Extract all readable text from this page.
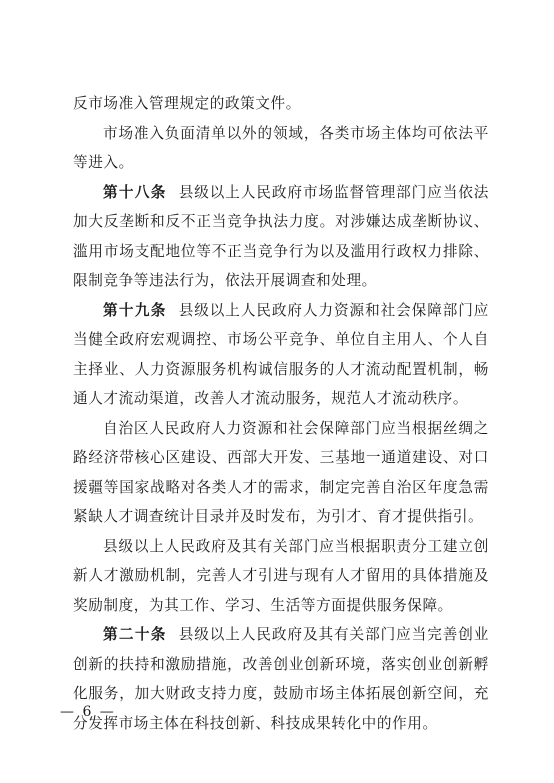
反市场准入管理规定的政策文件。

市场准入负面清单以外的领域，各类市场主体均可依法平等进入。

第十八条 县级以上人民政府市场监督管理部门应当依法加大反垄断和反不正当竞争执法力度。对涉嫌达成垄断协议、滥用市场支配地位等不正当竞争行为以及滥用行政权力排除、限制竞争等违法行为，依法开展调查和处理。

第十九条 县级以上人民政府人力资源和社会保障部门应当健全政府宏观调控、市场公平竞争、单位自主用人、个人自主择业、人力资源服务机构诚信服务的人才流动配置机制，畅通人才流动渠道，改善人才流动服务，规范人才流动秩序。

自治区人民政府人力资源和社会保障部门应当根据丝绸之路经济带核心区建设、西部大开发、三基地一通道建设、对口援疆等国家战略对各类人才的需求，制定完善自治区年度急需紧缺人才调查统计目录并及时发布，为引才、育才提供指引。

县级以上人民政府及其有关部门应当根据职责分工建立创新人才激励机制，完善人才引进与现有人才留用的具体措施及奖励制度，为其工作、学习、生活等方面提供服务保障。

第二十条 县级以上人民政府及其有关部门应当完善创业创新的扶持和激励措施，改善创业创新环境，落实创业创新孵化服务，加大财政支持力度，鼓励市场主体拓展创新空间，充分发挥市场主体在科技创新、科技成果转化中的作用。

— 6 —
